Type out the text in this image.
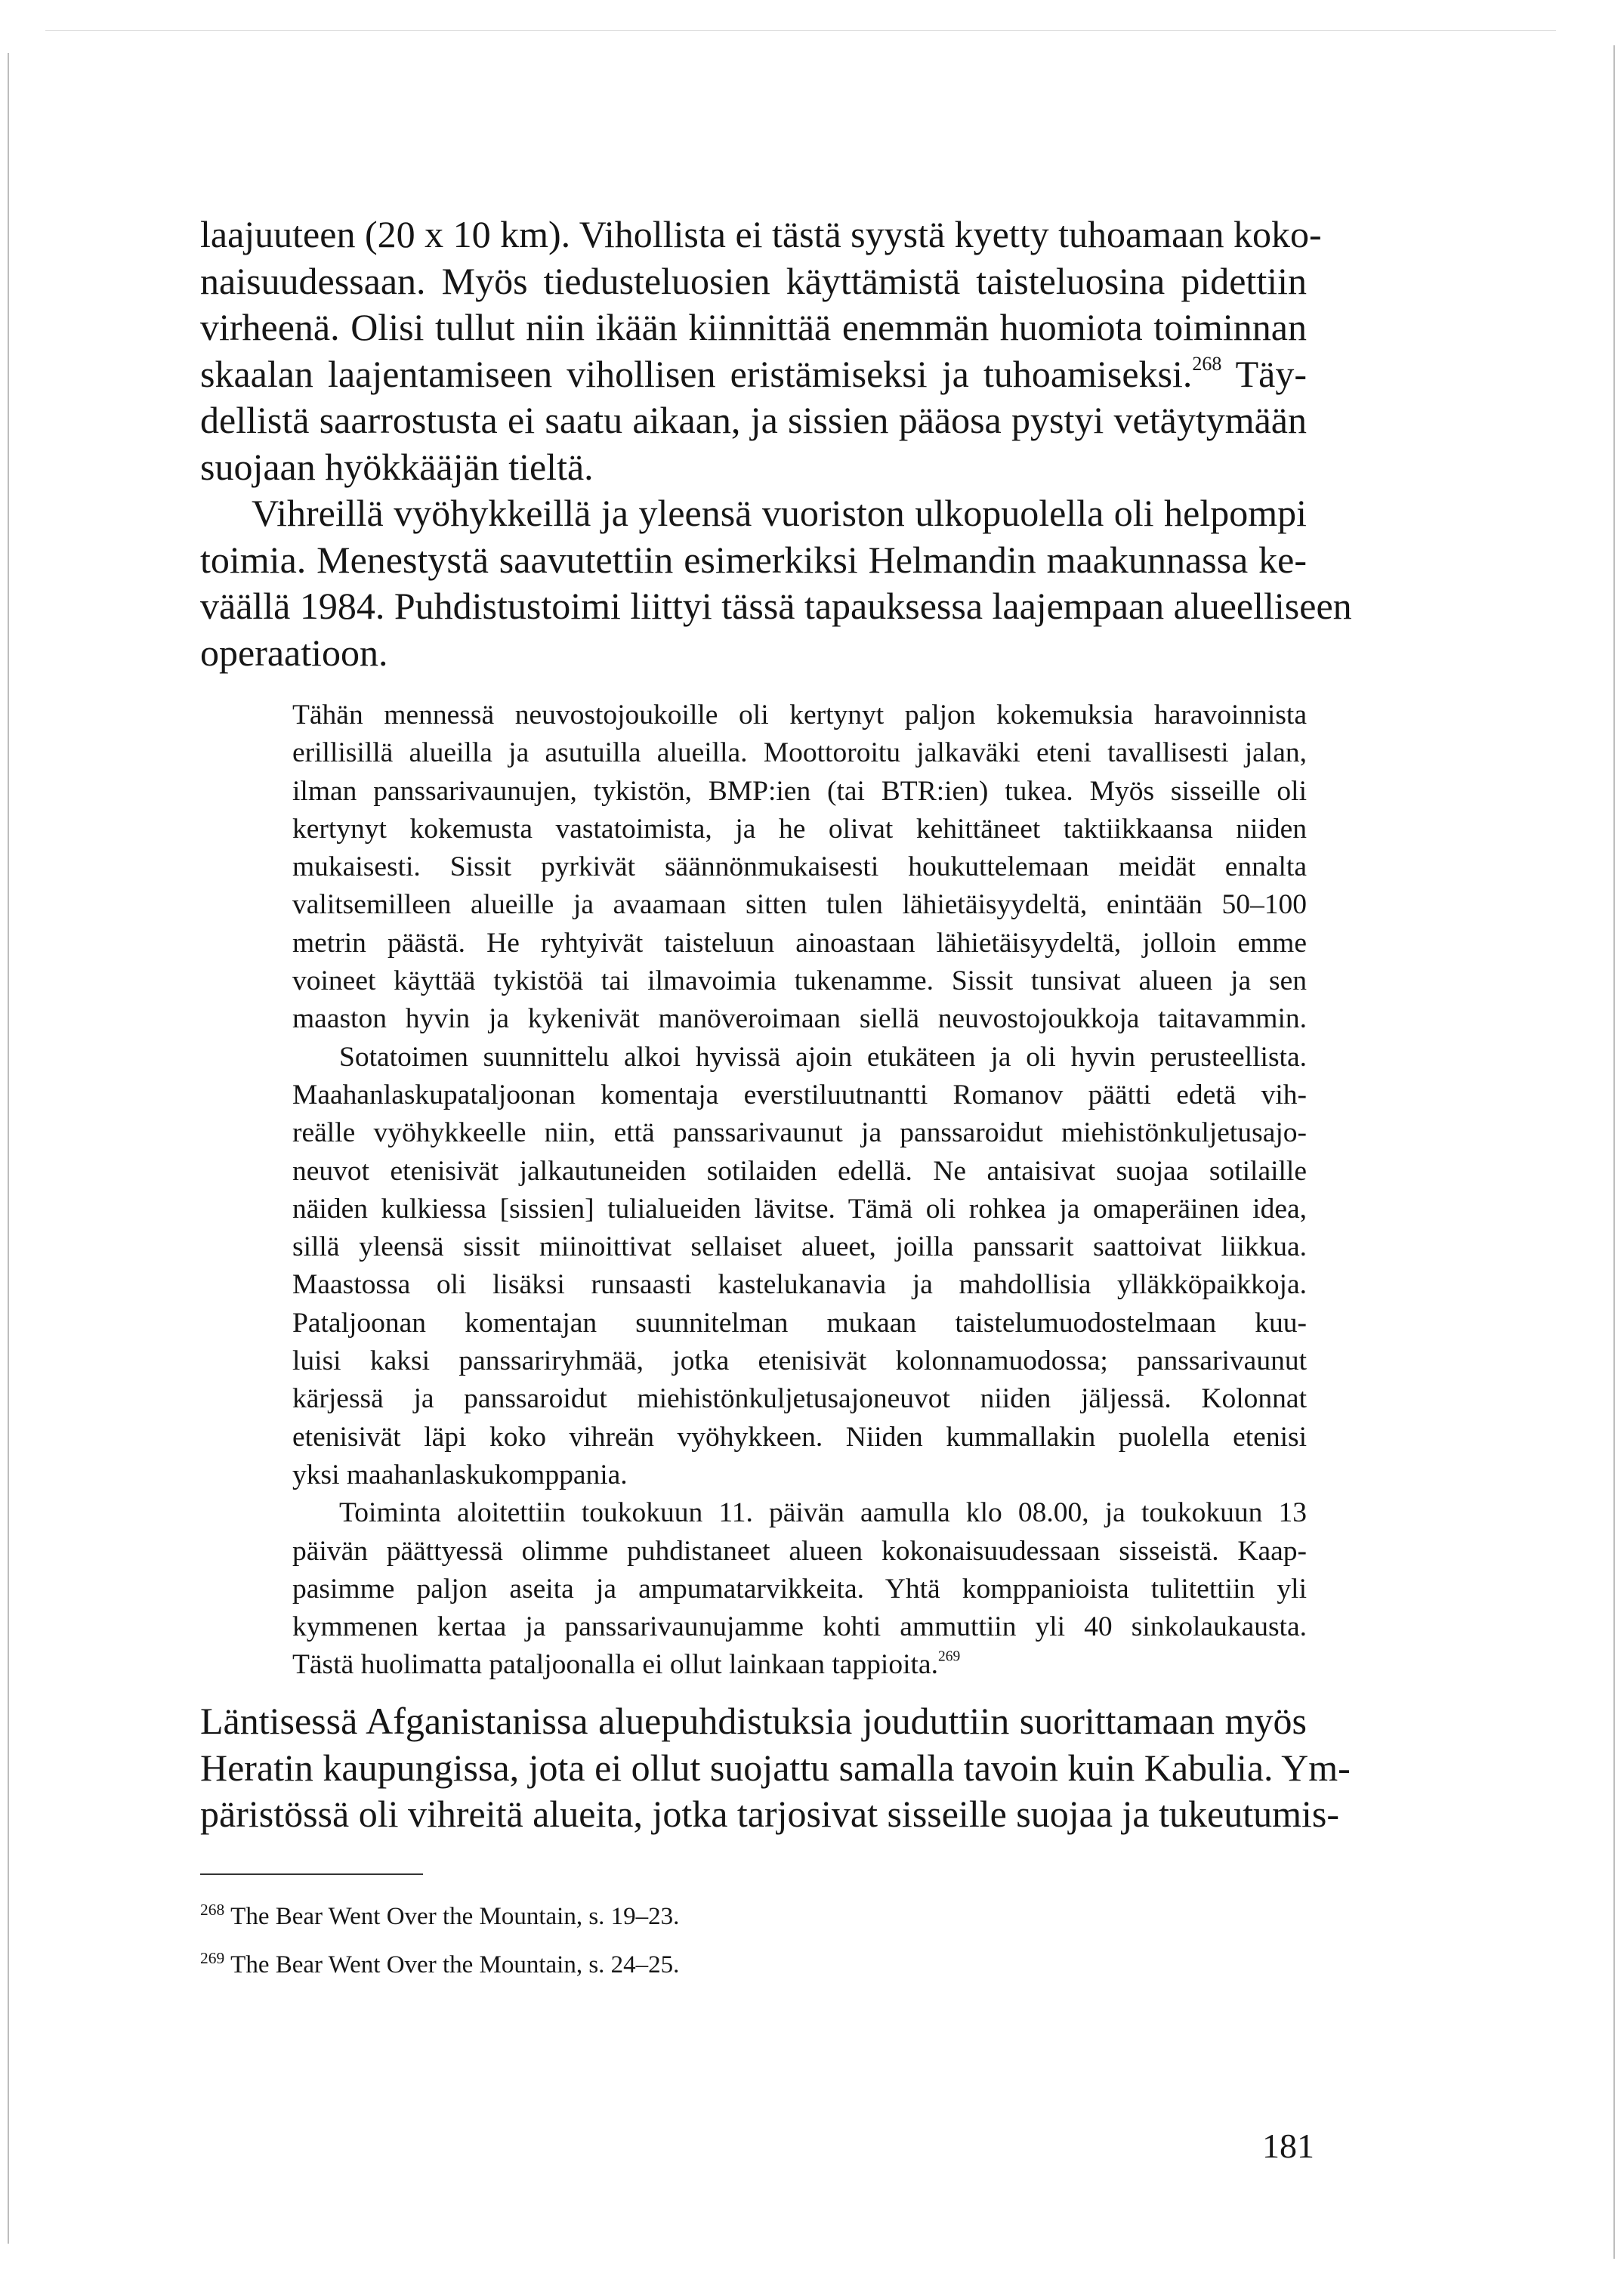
laajuuteen (20 x 10 km). Vihollista ei tästä syystä kyetty tuhoamaan koko-
naisuudessaan. Myös tiedusteluosien käyttämistä taisteluosina pidettiin
virheenä. Olisi tullut niin ikään kiinnittää enemmän huomiota toiminnan
skaalan laajentamiseen vihollisen eristämiseksi ja tuhoamiseksi.$^{268}$ Täy-
dellistä saarrostusta ei saatu aikaan, ja sissien pääosa pystyi vetäytymään
suojaan hyökkääjän tieltä.
Vihreillä vyöhykkeillä ja yleensä vuoriston ulkopuolella oli helpompi
toimia. Menestystä saavutettiin esimerkiksi Helmandin maakunnassa ke-
väällä 1984. Puhdistustoimi liittyi tässä tapauksessa laajempaan alueelliseen
operaatioon.
Tähän mennessä neuvostojoukoille oli kertynyt paljon kokemuksia haravoinnista
erillisillä alueilla ja asutuilla alueilla. Moottoroitu jalkaväki eteni tavallisesti jalan,
ilman panssarivaunujen, tykistön, BMP:ien (tai BTR:ien) tukea. Myös sisseille oli
kertynyt kokemusta vastatoimista, ja he olivat kehittäneet taktiikkaansa niiden
mukaisesti. Sissit pyrkivät säännönmukaisesti houkuttelemaan meidät ennalta
valitsemilleen alueille ja avaamaan sitten tulen lähietäisyydeltä, enintään 50–100
metrin päästä. He ryhtyivät taisteluun ainoastaan lähietäisyydeltä, jolloin emme
voineet käyttää tykistöä tai ilmavoimia tukenamme. Sissit tunsivat alueen ja sen
maaston hyvin ja kykenivät manöveroimaan siellä neuvostojoukkoja taitavammin.
Sotatoimen suunnittelu alkoi hyvissä ajoin etukäteen ja oli hyvin perusteellista.
Maahanlaskupataljoonan komentaja everstiluutnantti Romanov päätti edetä vih-
reälle vyöhykkeelle niin, että panssarivaunut ja panssaroidut miehistönkuljetusajo-
neuvot etenisivät jalkautuneiden sotilaiden edellä. Ne antaisivat suojaa sotilaille
näiden kulkiessa [sissien] tulialueiden lävitse. Tämä oli rohkea ja omaperäinen idea,
sillä yleensä sissit miinoittivat sellaiset alueet, joilla panssarit saattoivat liikkua.
Maastossa oli lisäksi runsaasti kastelukanavia ja mahdollisia ylläkköpaikkoja.
Pataljoonan komentajan suunnitelman mukaan taistelumuodostelmaan kuu-
luisi kaksi panssariryhmää, jotka etenisivät kolonnamuodossa; panssarivaunut
kärjessä ja panssaroidut miehistönkuljetusajoneuvot niiden jäljessä. Kolonnat
etenisivät läpi koko vihreän vyöhykkeen. Niiden kummallakin puolella etenisi
yksi maahanlaskukomppania.
Toiminta aloitettiin toukokuun 11. päivän aamulla klo 08.00, ja toukokuun 13
päivän päättyessä olimme puhdistaneet alueen kokonaisuudessaan sisseistä. Kaap-
pasimme paljon aseita ja ampumatarvikkeita. Yhtä komppanioista tulitettiin yli
kymmenen kertaa ja panssarivaunujamme kohti ammuttiin yli 40 sinkolaukausta.
Tästä huolimatta pataljoonalla ei ollut lainkaan tappioita.$^{269}$
Läntisessä Afganistanissa aluepuhdistuksia jouduttiin suorittamaan myös
Heratin kaupungissa, jota ei ollut suojattu samalla tavoin kuin Kabulia. Ym-
päristössä oli vihreitä alueita, jotka tarjosivat sisseille suojaa ja tukeutumis-
$^{268}$ The Bear Went Over the Mountain, s. 19–23.
$^{269}$ The Bear Went Over the Mountain, s. 24–25.
181
